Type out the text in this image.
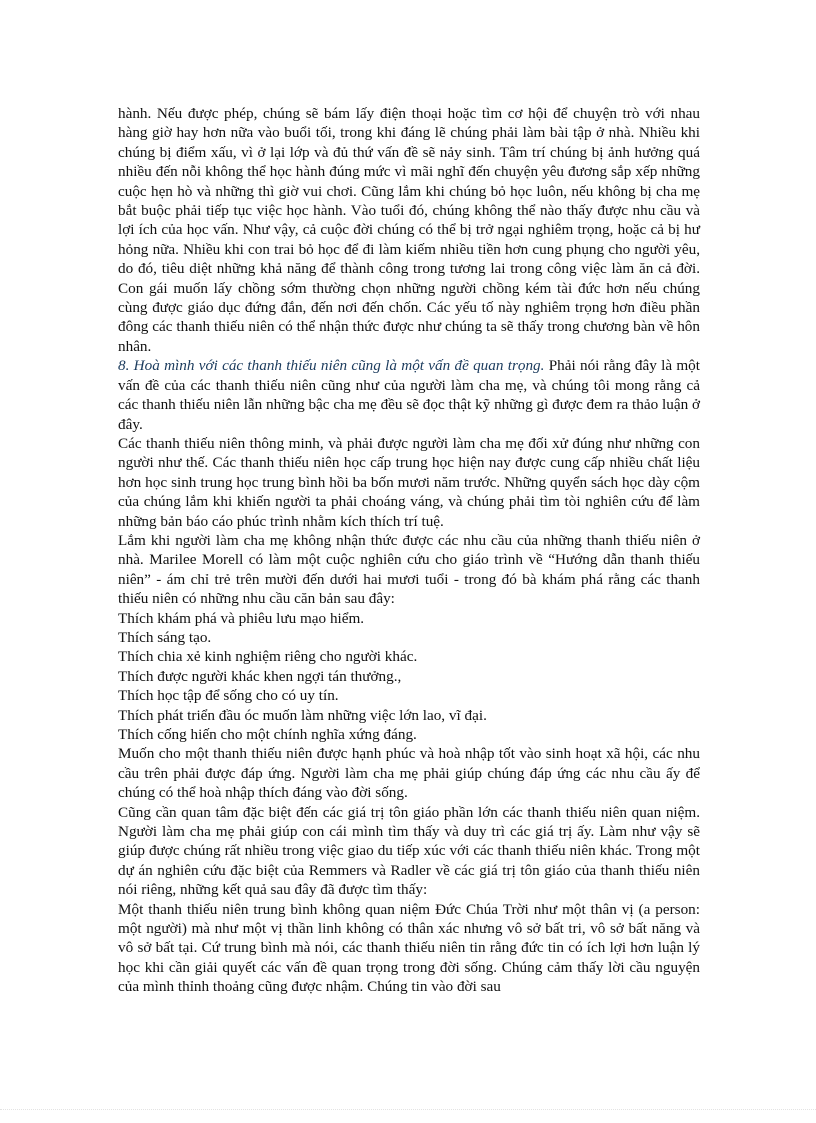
hành. Nếu được phép, chúng sẽ bám lấy điện thoại hoặc tìm cơ hội để chuyện trò với nhau hàng giờ hay hơn nữa vào buổi tối, trong khi đáng lẽ chúng phải làm bài tập ở nhà. Nhiều khi chúng bị điểm xấu, vì ở lại lớp và đủ thứ vấn đề sẽ nảy sinh. Tâm trí chúng bị ảnh hưởng quá nhiều đến nỗi không thể học hành đúng mức vì mãi nghĩ đến chuyện yêu đương sắp xếp những cuộc hẹn hò và những thì giờ vui chơi. Cũng lắm khi chúng bỏ học luôn, nếu không bị cha mẹ bắt buộc phải tiếp tục việc học hành. Vào tuổi đó, chúng không thể nào thấy được nhu cầu và lợi ích của học vấn. Như vậy, cả cuộc đời chúng có thể bị trở ngại nghiêm trọng, hoặc cả bị hư hỏng nữa. Nhiều khi con trai bỏ học để đi làm kiếm nhiều tiền hơn cung phụng cho người yêu, do đó, tiêu diệt những khả năng để thành công trong tương lai trong công việc làm ăn cả đời. Con gái muốn lấy chồng sớm thường chọn những người chồng kém tài đức hơn nếu chúng cùng được giáo dục đứng đắn, đến nơi đến chốn. Các yếu tố này nghiêm trọng hơn điều phần đông các thanh thiếu niên có thể nhận thức được như chúng ta sẽ thấy trong chương bàn về hôn nhân.

8. Hoà mình với các thanh thiếu niên cũng là một vấn đề quan trọng. Phải nói rằng đây là một vấn đề của các thanh thiếu niên cũng như của người làm cha mẹ, và chúng tôi mong rằng cả các thanh thiếu niên lẫn những bậc cha mẹ đều sẽ đọc thật kỹ những gì được đem ra thảo luận ở đây.

Các thanh thiếu niên thông minh, và phải được người làm cha mẹ đối xử đúng như những con người như thế. Các thanh thiếu niên học cấp trung học hiện nay được cung cấp nhiều chất liệu hơn học sinh trung học trung bình hồi ba bốn mươi năm trước. Những quyển sách học dày cộm của chúng lắm khi khiến người ta phải choáng váng, và chúng phải tìm tòi nghiên cứu để làm những bản báo cáo phúc trình nhằm kích thích trí tuệ.

Lắm khi người làm cha mẹ không nhận thức được các nhu cầu của những thanh thiếu niên ở nhà. Marilee Morell có làm một cuộc nghiên cứu cho giáo trình về “Hướng dẫn thanh thiếu niên” - ám chỉ trẻ trên mười đến dưới hai mươi tuổi - trong đó bà khám phá rằng các thanh thiếu niên có những nhu cầu căn bản sau đây:

Thích khám phá và phiêu lưu mạo hiểm.

Thích sáng tạo.

Thích chia xẻ kinh nghiệm riêng cho người khác.

Thích được người khác khen ngợi tán thưởng.,

Thích học tập để sống cho có uy tín.

Thích phát triển đầu óc muốn làm những việc lớn lao, vĩ đại.

Thích cống hiến cho một chính nghĩa xứng đáng.

Muốn cho một thanh thiếu niên được hạnh phúc và hoà nhập tốt vào sinh hoạt xã hội, các nhu cầu trên phải được đáp ứng. Người làm cha mẹ phải giúp chúng đáp ứng các nhu cầu ấy để chúng có thể hoà nhập thích đáng vào đời sống.

Cũng cần quan tâm đặc biệt đến các giá trị tôn giáo phần lớn các thanh thiếu niên quan niệm. Người làm cha mẹ phải giúp con cái mình tìm thấy và duy trì các giá trị ấy. Làm như vậy sẽ giúp được chúng rất nhiều trong việc giao du tiếp xúc với các thanh thiếu niên khác. Trong một dự án nghiên cứu đặc biệt của Remmers và Radler về các giá trị tôn giáo của thanh thiếu niên nói riêng, những kết quả sau đây đã được tìm thấy:

Một thanh thiếu niên trung bình không quan niệm Đức Chúa Trời như một thân vị (a person: một người) mà như một vị thần linh không có thân xác nhưng vô sở bất tri, vô sở bất năng và vô sở bất tại. Cứ trung bình mà nói, các thanh thiếu niên tin rằng đức tin có ích lợi hơn luận lý học khi cần giải quyết các vấn đề quan trọng trong đời sống. Chúng cảm thấy lời cầu nguyện của mình thỉnh thoảng cũng được nhậm. Chúng tin vào đời sau
